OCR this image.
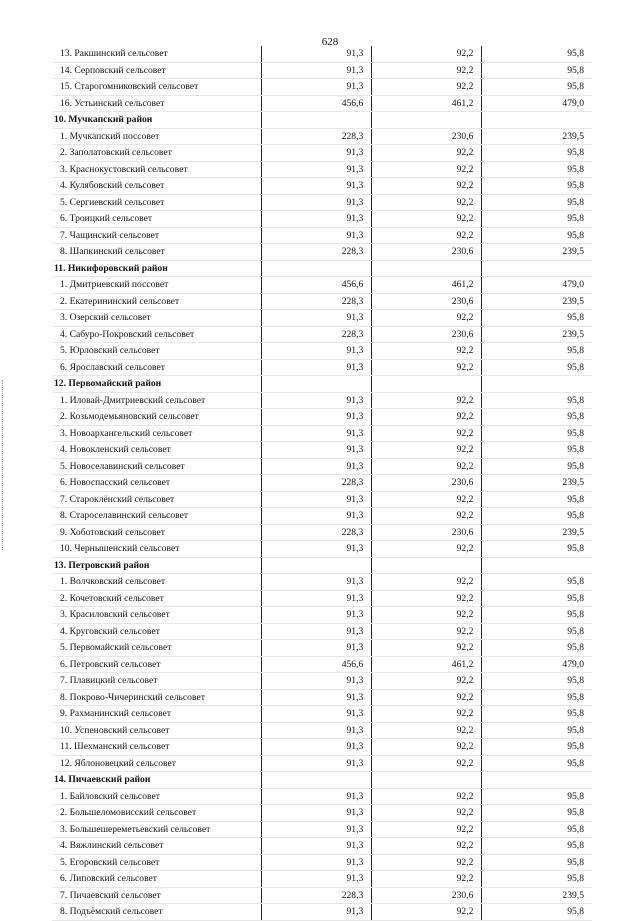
628
13. Ракшинский сельсовет	91,3	92,2	95,8
14. Серповский сельсовет	91,3	92,2	95,8
15. Старогомниковский сельсовет	91,3	92,2	95,8
16. Устьинский сельсовет	456,6	461,2	479,0
10. Мучкапский район			
1. Мучкапский поссовет	228,3	230,6	239,5
2. Заполатовский сельсовет	91,3	92,2	95,8
3. Краснокустовский сельсовет	91,3	92,2	95,8
4. Кулябовский сельсовет	91,3	92,2	95,8
5. Сергиевский сельсовет	91,3	92,2	95,8
6. Троицкий сельсовет	91,3	92,2	95,8
7. Чащинский сельсовет	91,3	92,2	95,8
8. Шапкинский сельсовет	228,3	230,6	239,5
11. Никифоровский район			
1. Дмитриевский поссовет	456,6	461,2	479,0
2. Екатерининский сельсовет	228,3	230,6	239,5
3. Озерский сельсовет	91,3	92,2	95,8
4. Сабуро-Покровский сельсовет	228,3	230,6	239,5
5. Юрловский сельсовет	91,3	92,2	95,8
6. Ярославский сельсовет	91,3	92,2	95,8
12. Первомайский район			
1. Иловай-Дмитриевский сельсовет	91,3	92,2	95,8
2. Козьмодемьяновский сельсовет	91,3	92,2	95,8
3. Новоархангельский сельсовет	91,3	92,2	95,8
4. Новокленский сельсовет	91,3	92,2	95,8
5. Новоселавинский сельсовет	91,3	92,2	95,8
6. Новоспасский сельсовет	228,3	230,6	239,5
7. Староклёнский сельсовет	91,3	92,2	95,8
8. Староселавинский сельсовет	91,3	92,2	95,8
9. Хоботовский сельсовет	228,3	230,6	239,5
10. Чернышенский сельсовет	91,3	92,2	95,8
13. Петровский район			
1. Волчковский сельсовет	91,3	92,2	95,8
2. Кочетовский сельсовет	91,3	92,2	95,8
3. Красиловский сельсовет	91,3	92,2	95,8
4. Круговский сельсовет	91,3	92,2	95,8
5. Первомайский сельсовет	91,3	92,2	95,8
6. Петровский сельсовет	456,6	461,2	479,0
7. Плавицкий сельсовет	91,3	92,2	95,8
8. Покрово-Чичеринский сельсовет	91,3	92,2	95,8
9. Рахманинский сельсовет	91,3	92,2	95,8
10. Успеновский сельсовет	91,3	92,2	95,8
11. Шехманский сельсовет	91,3	92,2	95,8
12. Яблоновецкий сельсовет	91,3	92,2	95,8
14. Пичаевский район			
1. Байловский сельсовет	91,3	92,2	95,8
2. Большеломовисский сельсовет	91,3	92,2	95,8
3. Большешереметьевский сельсовет	91,3	92,2	95,8
4. Вяжлинский сельсовет	91,3	92,2	95,8
5. Егоровский сельсовет	91,3	92,2	95,8
6. Липовский сельсовет	91,3	92,2	95,8
7. Пичаевский сельсовет	228,3	230,6	239,5
8. Подъёмский сельсовет	91,3	92,2	95,8
